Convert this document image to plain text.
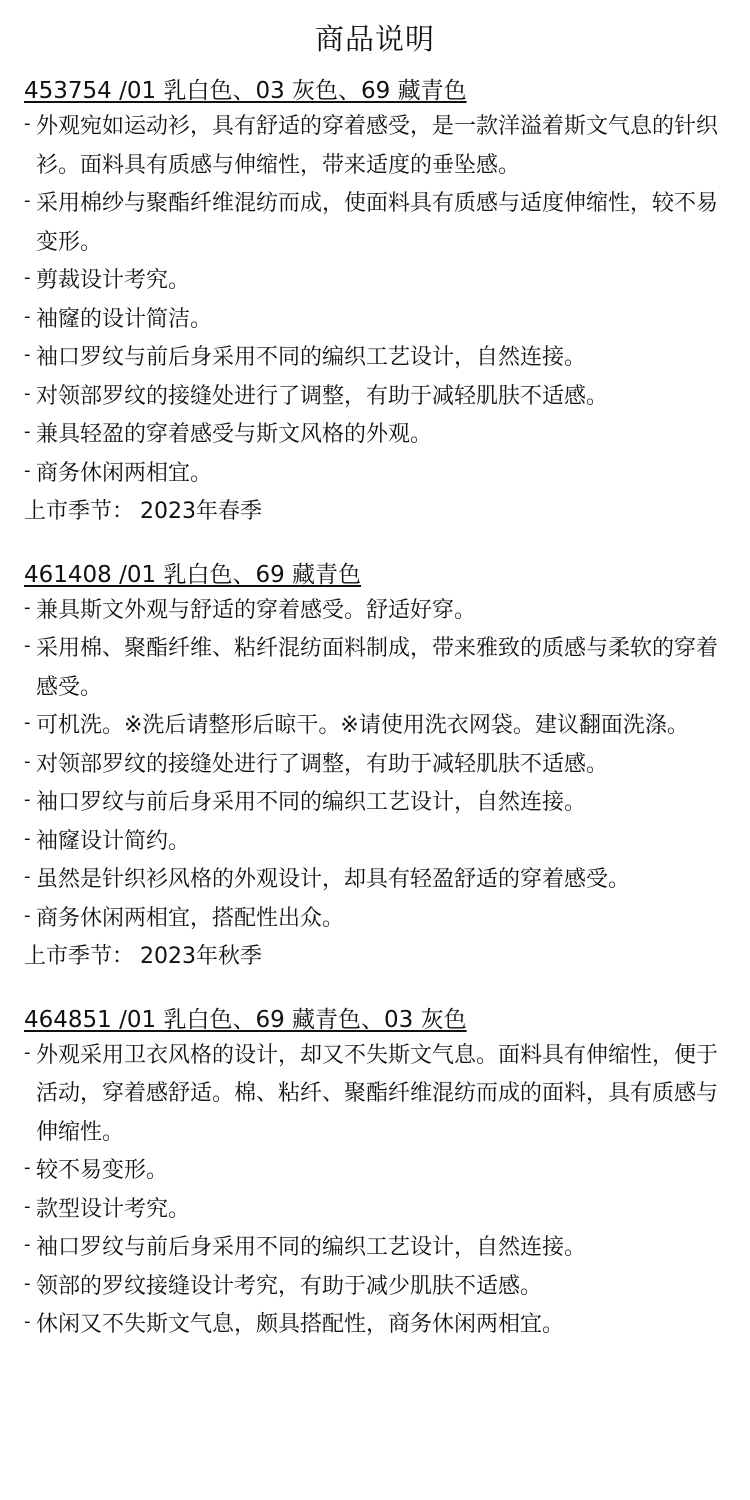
商品说明
453754 /01 乳白色、03 灰色、69 藏青色
- 外观宛如运动衫，具有舒适的穿着感受，是一款洋溢着斯文气息的针织衫。面料具有质感与伸缩性，带来适度的垂坠感。
- 采用棉纱与聚酯纤维混纺而成，使面料具有质感与适度伸缩性，较不易变形。
- 剪裁设计考究。
- 袖窿的设计简洁。
- 袖口罗纹与前后身采用不同的编织工艺设计，自然连接。
- 对领部罗纹的接缝处进行了调整，有助于减轻肌肤不适感。
- 兼具轻盈的穿着感受与斯文风格的外观。
- 商务休闲两相宜。
上市季节： 2023年春季
461408 /01 乳白色、69 藏青色
- 兼具斯文外观与舒适的穿着感受。舒适好穿。
- 采用棉、聚酯纤维、粘纤混纺面料制成，带来雅致的质感与柔软的穿着感受。
- 可机洗。※洗后请整形后晾干。※请使用洗衣网袋。建议翻面洗涤。
- 对领部罗纹的接缝处进行了调整，有助于减轻肌肤不适感。
- 袖口罗纹与前后身采用不同的编织工艺设计，自然连接。
- 袖窿设计简约。
- 虽然是针织衫风格的外观设计，却具有轻盈舒适的穿着感受。
- 商务休闲两相宜，搭配性出众。
上市季节： 2023年秋季
464851 /01 乳白色、69 藏青色、03 灰色
- 外观采用卫衣风格的设计，却又不失斯文气息。面料具有伸缩性，便于活动，穿着感舒适。棉、粘纤、聚酯纤维混纺而成的面料，具有质感与伸缩性。
- 较不易变形。
- 款型设计考究。
- 袖口罗纹与前后身采用不同的编织工艺设计，自然连接。
- 领部的罗纹接缝设计考究，有助于减少肌肤不适感。
- 休闲又不失斯文气息，颇具搭配性，商务休闲两相宜。
